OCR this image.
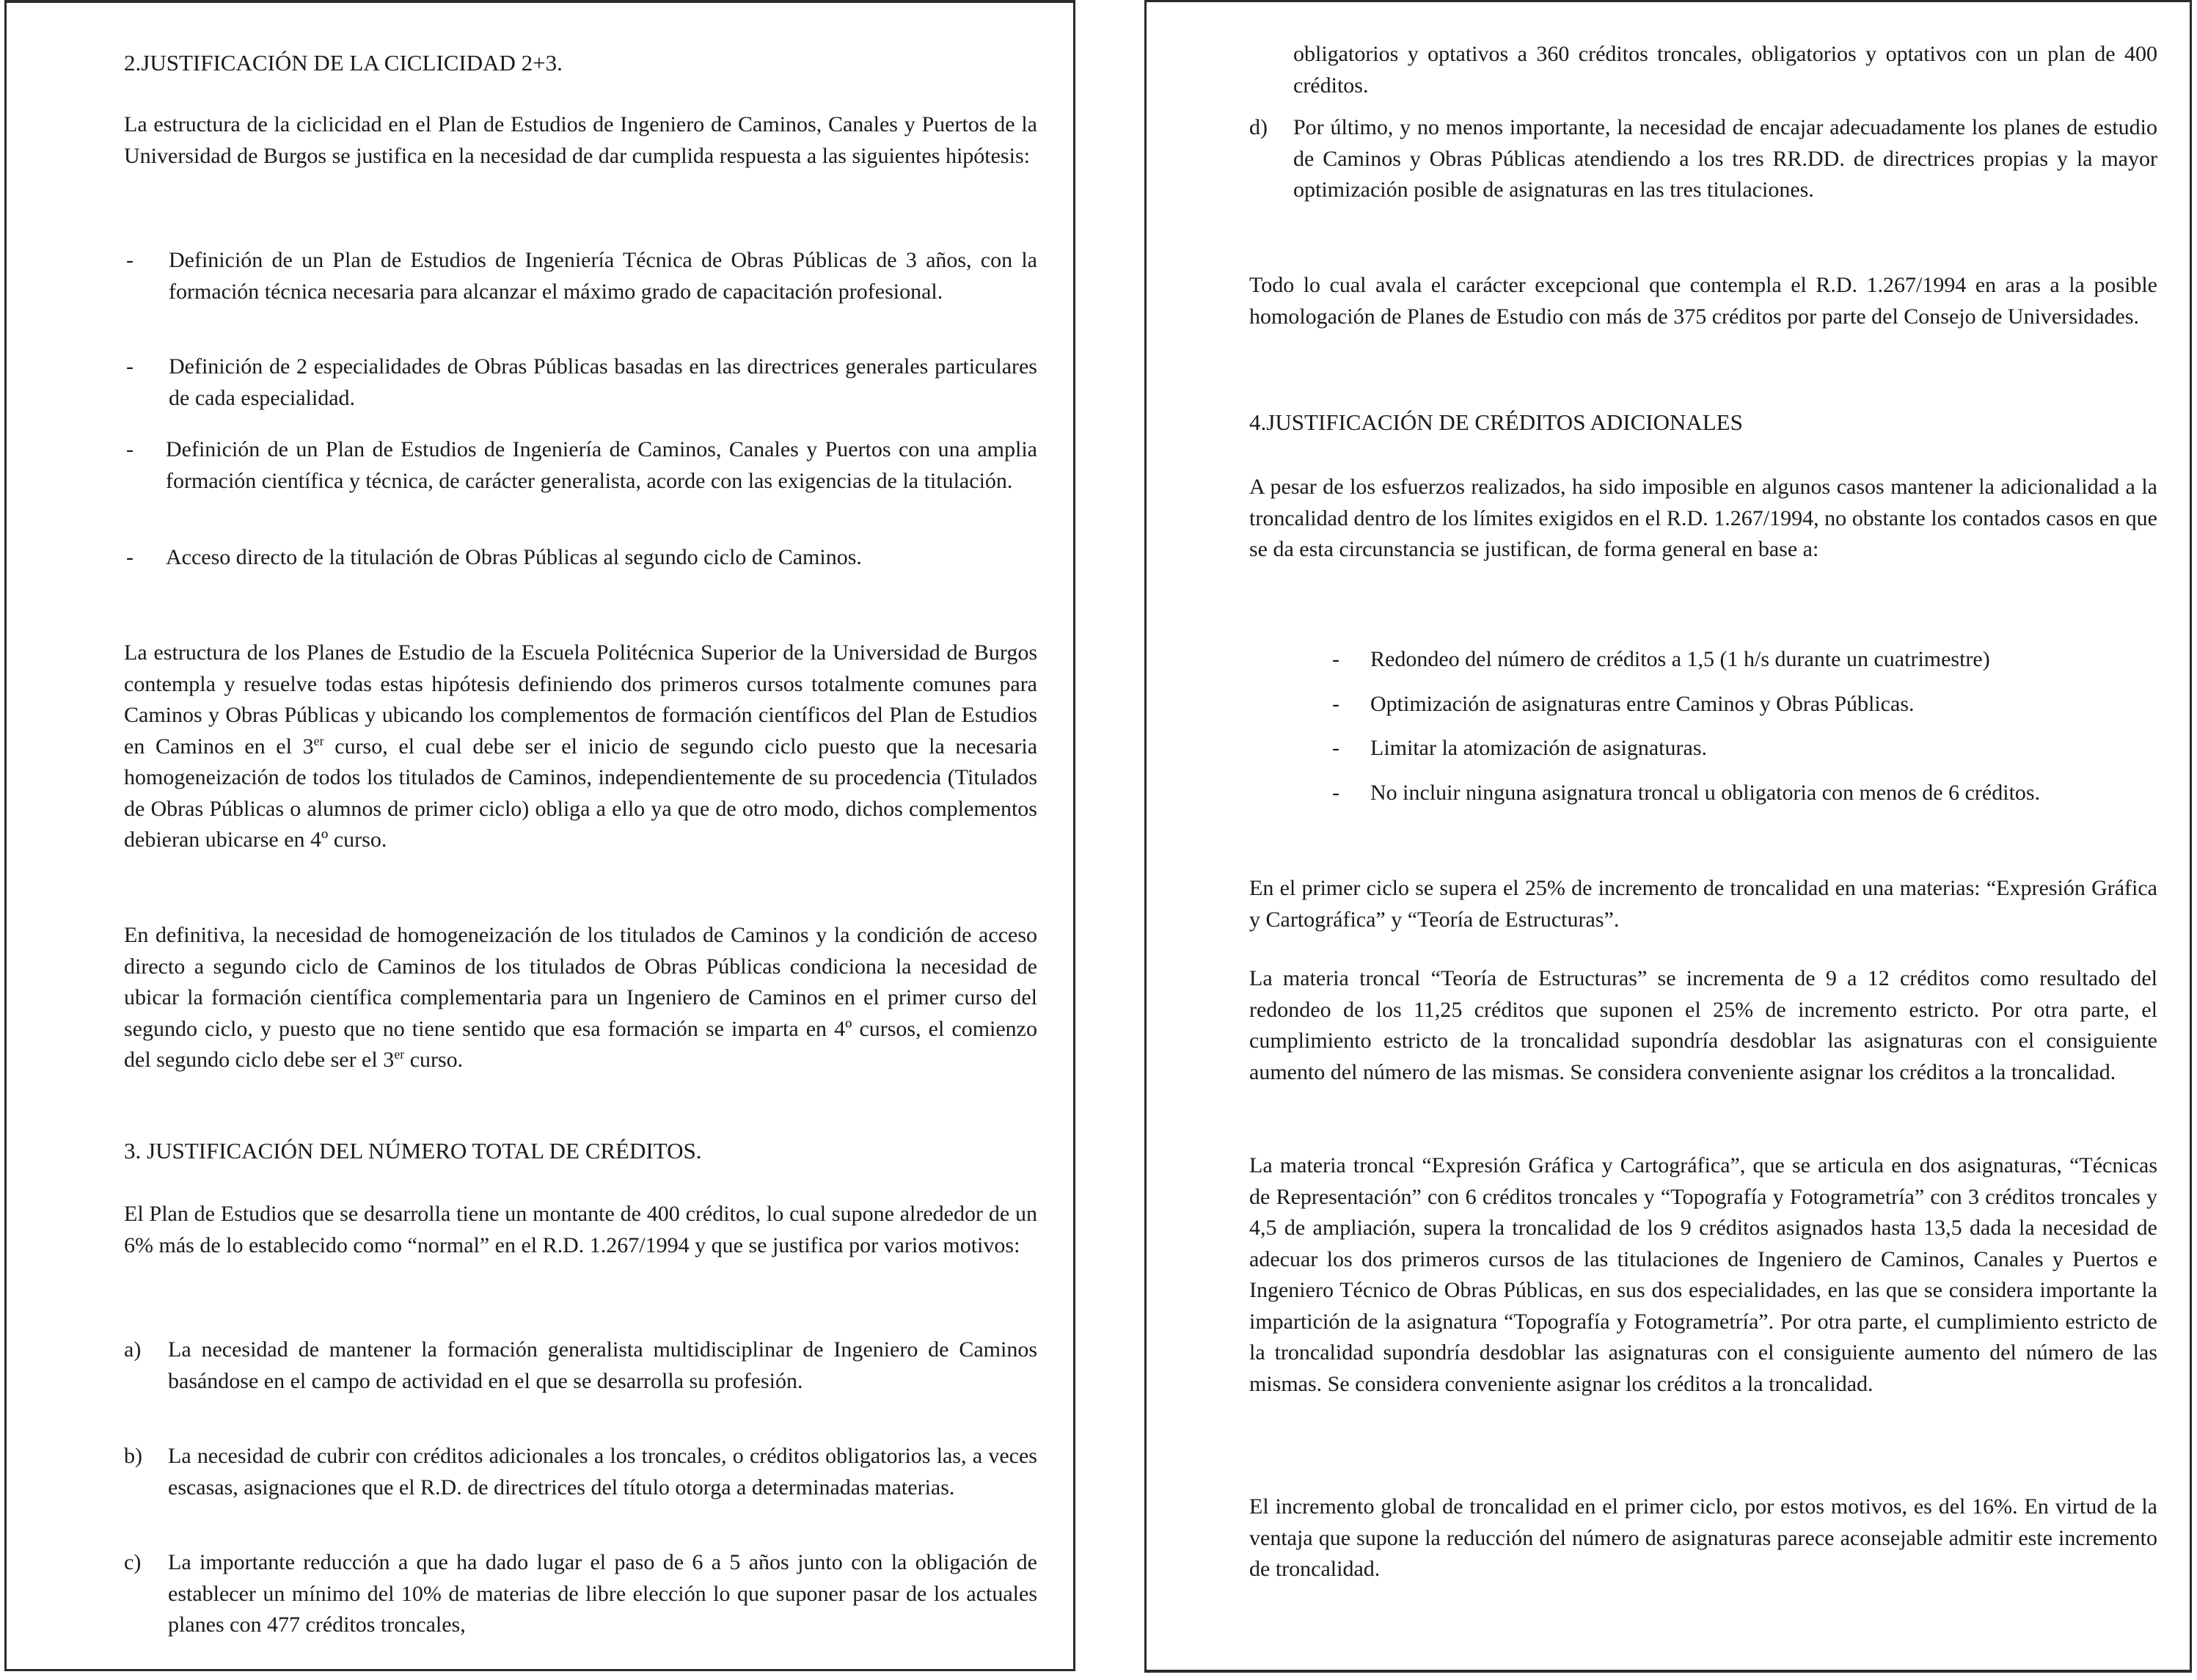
2.JUSTIFICACIÓN DE LA CICLICIDAD 2+3.

La estructura de la ciclicidad en el Plan de Estudios de Ingeniero de Caminos, Canales y Puertos de la Universidad de Burgos se justifica en la necesidad de dar cumplida respuesta a las siguientes hipótesis:

- Definición de un Plan de Estudios de Ingeniería Técnica de Obras Públicas de 3 años, con la formación técnica necesaria para alcanzar el máximo grado de capacitación profesional.
- Definición de 2 especialidades de Obras Públicas basadas en las directrices generales particulares de cada especialidad.
- Definición de un Plan de Estudios de Ingeniería de Caminos, Canales y Puertos con una amplia formación científica y técnica, de carácter generalista, acorde con las exigencias de la titulación.
- Acceso directo de la titulación de Obras Públicas al segundo ciclo de Caminos.

La estructura de los Planes de Estudio de la Escuela Politécnica Superior de la Universidad de Burgos contempla y resuelve todas estas hipótesis definiendo dos primeros cursos totalmente comunes para Caminos y Obras Públicas y ubicando los complementos de formación científicos del Plan de Estudios en Caminos en el 3er curso, el cual debe ser el inicio de segundo ciclo puesto que la necesaria homogeneización de todos los titulados de Caminos, independientemente de su procedencia (Titulados de Obras Públicas o alumnos de primer ciclo) obliga a ello ya que de otro modo, dichos complementos debieran ubicarse en 4º curso.

En definitiva, la necesidad de homogeneización de los titulados de Caminos y la condición de acceso directo a segundo ciclo de Caminos de los titulados de Obras Públicas condiciona la necesidad de ubicar la formación científica complementaria para un Ingeniero de Caminos en el primer curso del segundo ciclo, y puesto que no tiene sentido que esa formación se imparta en 4º cursos, el comienzo del segundo ciclo debe ser el 3er curso.

3. JUSTIFICACIÓN DEL NÚMERO TOTAL DE CRÉDITOS.

El Plan de Estudios que se desarrolla tiene un montante de 400 créditos, lo cual supone alrededor de un 6% más de lo establecido como “normal” en el R.D. 1.267/1994 y que se justifica por varios motivos:

a) La necesidad de mantener la formación generalista multidisciplinar de Ingeniero de Caminos basándose en el campo de actividad en el que se desarrolla su profesión.
b) La necesidad de cubrir con créditos adicionales a los troncales, o créditos obligatorios las, a veces escasas, asignaciones que el R.D. de directrices del título otorga a determinadas materias.
c) La importante reducción a que ha dado lugar el paso de 6 a 5 años junto con la obligación de establecer un mínimo del 10% de materias de libre elección lo que suponer pasar de los actuales planes con 477 créditos troncales,

obligatorios y optativos a 360 créditos troncales, obligatorios y optativos con un plan de 400 créditos.

d) Por último, y no menos importante, la necesidad de encajar adecuadamente los planes de estudio de Caminos y Obras Públicas atendiendo a los tres RR.DD. de directrices propias y la mayor optimización posible de asignaturas en las tres titulaciones.

Todo lo cual avala el carácter excepcional que contempla el R.D. 1.267/1994 en aras a la posible homologación de Planes de Estudio con más de 375 créditos por parte del Consejo de Universidades.

4.JUSTIFICACIÓN DE CRÉDITOS ADICIONALES

A pesar de los esfuerzos realizados, ha sido imposible en algunos casos mantener la adicionalidad a la troncalidad dentro de los límites exigidos en el R.D. 1.267/1994, no obstante los contados casos en que se da esta circunstancia se justifican, de forma general en base a:

- Redondeo del número de créditos a 1,5 (1 h/s durante un cuatrimestre)
- Optimización de asignaturas entre Caminos y Obras Públicas.
- Limitar la atomización de asignaturas.
- No incluir ninguna asignatura troncal u obligatoria con menos de 6 créditos.

En el primer ciclo se supera el 25% de incremento de troncalidad en una materias: “Expresión Gráfica y Cartográfica” y “Teoría de Estructuras”.

La materia troncal “Teoría de Estructuras” se incrementa de 9 a 12 créditos como resultado del redondeo de los 11,25 créditos que suponen el 25% de incremento estricto. Por otra parte, el cumplimiento estricto de la troncalidad supondría desdoblar las asignaturas con el consiguiente aumento del número de las mismas. Se considera conveniente asignar los créditos a la troncalidad.

La materia troncal “Expresión Gráfica y Cartográfica”, que se articula en dos asignaturas, “Técnicas de Representación” con 6 créditos troncales y “Topografía y Fotogrametría” con 3 créditos troncales y 4,5 de ampliación, supera la troncalidad de los 9 créditos asignados hasta 13,5 dada la necesidad de adecuar los dos primeros cursos de las titulaciones de Ingeniero de Caminos, Canales y Puertos e Ingeniero Técnico de Obras Públicas, en sus dos especialidades, en las que se considera importante la impartición de la asignatura “Topografía y Fotogrametría”. Por otra parte, el cumplimiento estricto de la troncalidad supondría desdoblar las asignaturas con el consiguiente aumento del número de las mismas. Se considera conveniente asignar los créditos a la troncalidad.

El incremento global de troncalidad en el primer ciclo, por estos motivos, es del 16%. En virtud de la ventaja que supone la reducción del número de asignaturas parece aconsejable admitir este incremento de troncalidad.
